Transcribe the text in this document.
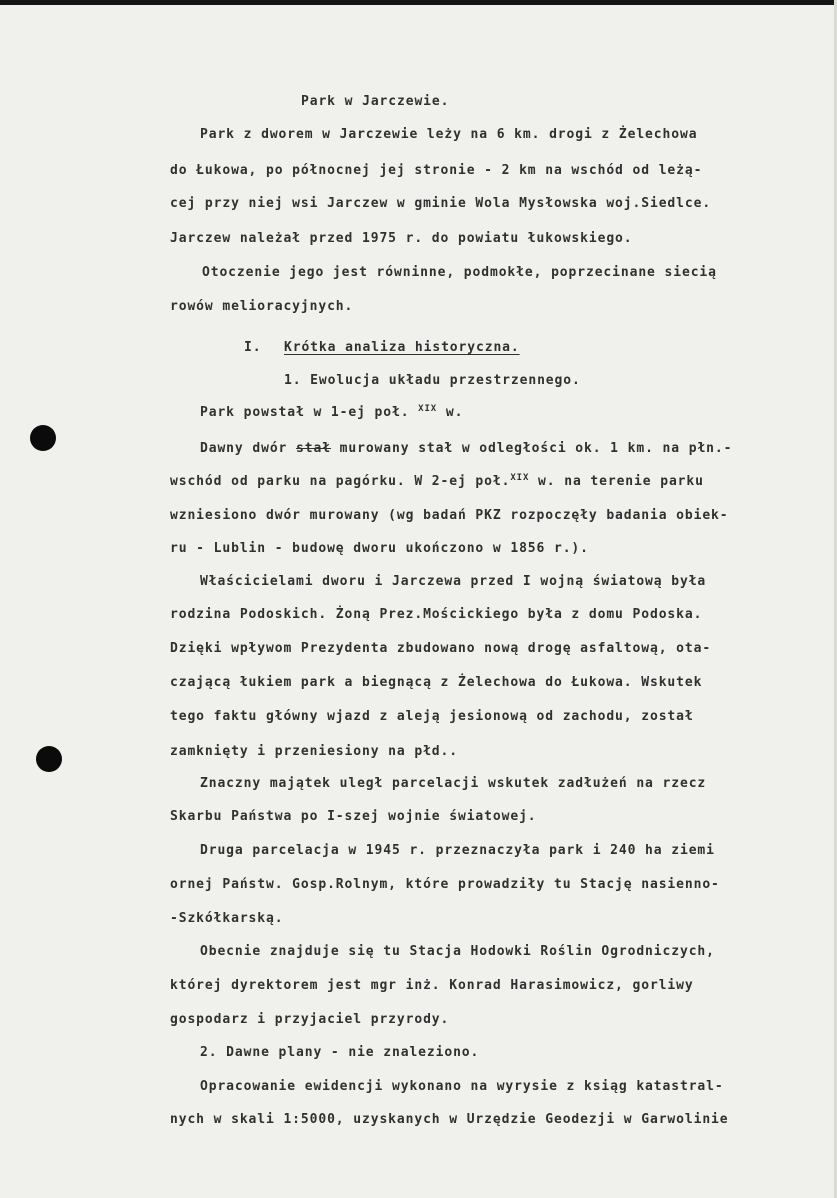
Park w Jarczewie.
Park z dworem w Jarczewie leży na 6 km. drogi z Żelechowa
do Łukowa, po północnej jej stronie - 2 km na wschód od leżą-
cej przy niej wsi Jarczew w gminie Wola Mysłowska woj.Siedlce.
Jarczew należał przed 1975 r. do powiatu łukowskiego.
Otoczenie jego jest równinne, podmokłe, poprzecinane siecią
rowów melioracyjnych.
I. Krótka analiza historyczna.
1. Ewolucja układu przestrzennego.
Park powstał w 1-ej poł. $^{XIX}$ w.
Dawny dwór stał murowany stał w odległości ok. 1 km. na płn.-
wschód od parku na pagórku. W 2-ej poł.$^{XIX}$ w. na terenie parku
wzniesiono dwór murowany (wg badań PKZ rozpoczęły badania obiek-
ru - Lublin - budowę dworu ukończono w 1856 r.).
Właścicielami dworu i Jarczewa przed I wojną światową była
rodzina Podoskich. Żoną Prez.Mościckiego była z domu Podoska.
Dzięki wpływom Prezydenta zbudowano nową drogę asfaltową, ota-
czającą łukiem park a biegnącą z Żelechowa do Łukowa. Wskutek
tego faktu główny wjazd z aleją jesionową od zachodu, został
zamknięty i przeniesiony na płd..
Znaczny majątek uległ parcelacji wskutek zadłużeń na rzecz
Skarbu Państwa po I-szej wojnie światowej.
Druga parcelacja w 1945 r. przeznaczyła park i 240 ha ziemi
ornej Państw. Gosp.Rolnym, które prowadziły tu Stację nasienno-
-Szkółkarską.
Obecnie znajduje się tu Stacja Hodowki Roślin Ogrodniczych,
której dyrektorem jest mgr inż. Konrad Harasimowicz, gorliwy
gospodarz i przyjaciel przyrody.
2. Dawne plany - nie znaleziono.
Opracowanie ewidencji wykonano na wyrysie z ksiąg katastral-
nych w skali 1:5000, uzyskanych w Urzędzie Geodezji w Garwolinie
